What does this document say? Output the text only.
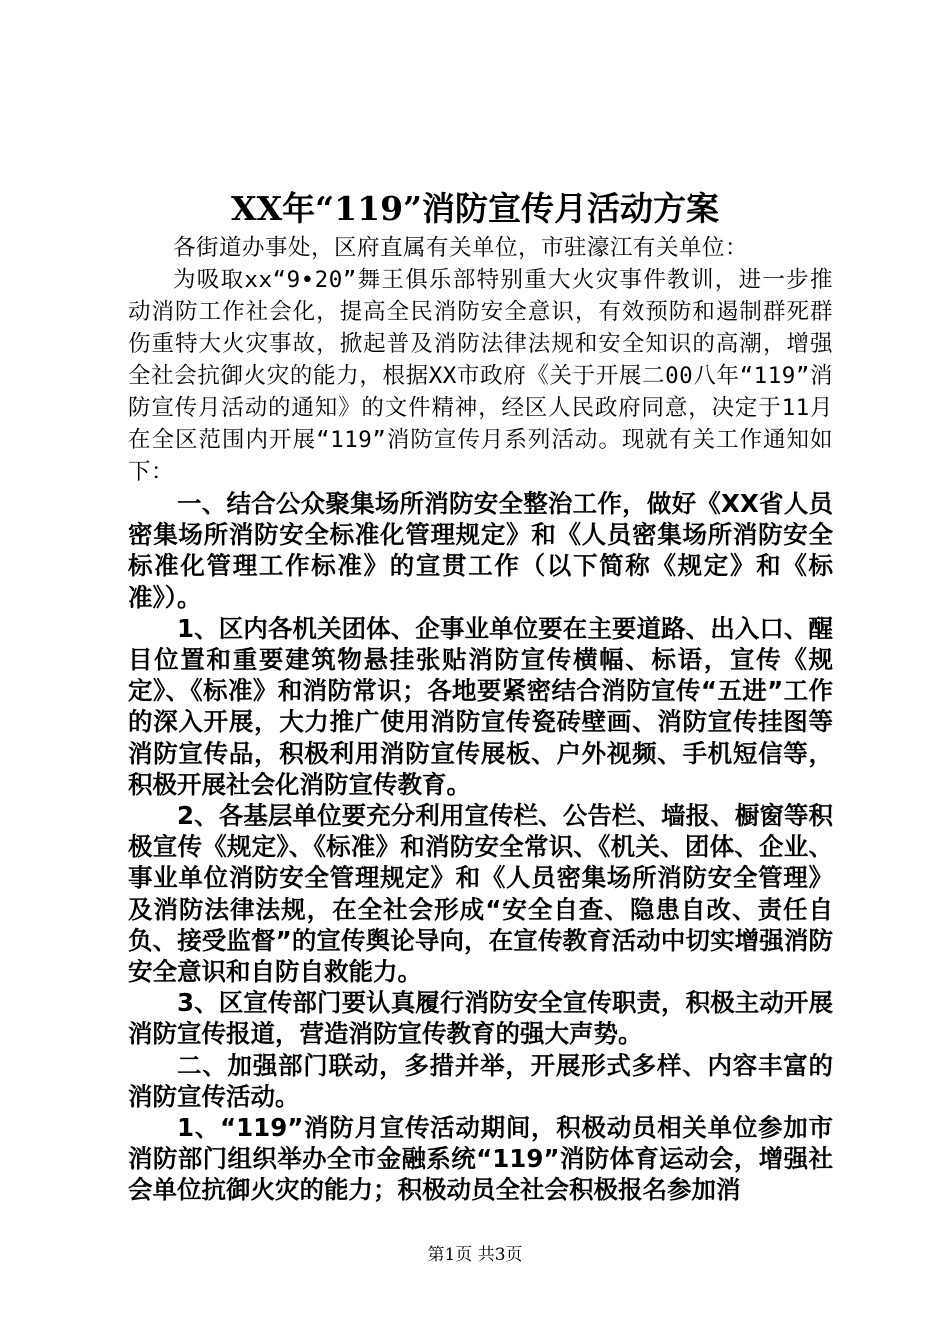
XX年“119”消防宣传月活动方案

各街道办事处，区府直属有关单位，市驻濠江有关单位：

为吸取xx“9•20”舞王俱乐部特别重大火灾事件教训，进一步推动消防工作社会化，提高全民消防安全意识，有效预防和遏制群死群伤重特大火灾事故，掀起普及消防法律法规和安全知识的高潮，增强全社会抗御火灾的能力，根据XX市政府《关于开展二00八年“119”消防宣传月活动的通知》的文件精神，经区人民政府同意，决定于11月在全区范围内开展“119”消防宣传月系列活动。现就有关工作通知如下：

一、结合公众聚集场所消防安全整治工作，做好《XX省人员密集场所消防安全标准化管理规定》和《人员密集场所消防安全标准化管理工作标准》的宣贯工作（以下简称《规定》和《标准》）。

1、区内各机关团体、企事业单位要在主要道路、出入口、醒目位置和重要建筑物悬挂张贴消防宣传横幅、标语，宣传《规定》、《标准》和消防常识；各地要紧密结合消防宣传“五进”工作的深入开展，大力推广使用消防宣传瓷砖壁画、消防宣传挂图等消防宣传品，积极利用消防宣传展板、户外视频、手机短信等，积极开展社会化消防宣传教育。

2、各基层单位要充分利用宣传栏、公告栏、墙报、橱窗等积极宣传《规定》、《标准》和消防安全常识、《机关、团体、企业、事业单位消防安全管理规定》和《人员密集场所消防安全管理》及消防法律法规，在全社会形成“安全自查、隐患自改、责任自负、接受监督”的宣传舆论导向，在宣传教育活动中切实增强消防安全意识和自防自救能力。

3、区宣传部门要认真履行消防安全宣传职责，积极主动开展消防宣传报道，营造消防宣传教育的强大声势。

二、加强部门联动，多措并举，开展形式多样、内容丰富的消防宣传活动。

1、“119”消防月宣传活动期间，积极动员相关单位参加市消防部门组织举办全市金融系统“119”消防体育运动会，增强社会单位抗御火灾的能力；积极动员全社会积极报名参加消

第1页 共3页
